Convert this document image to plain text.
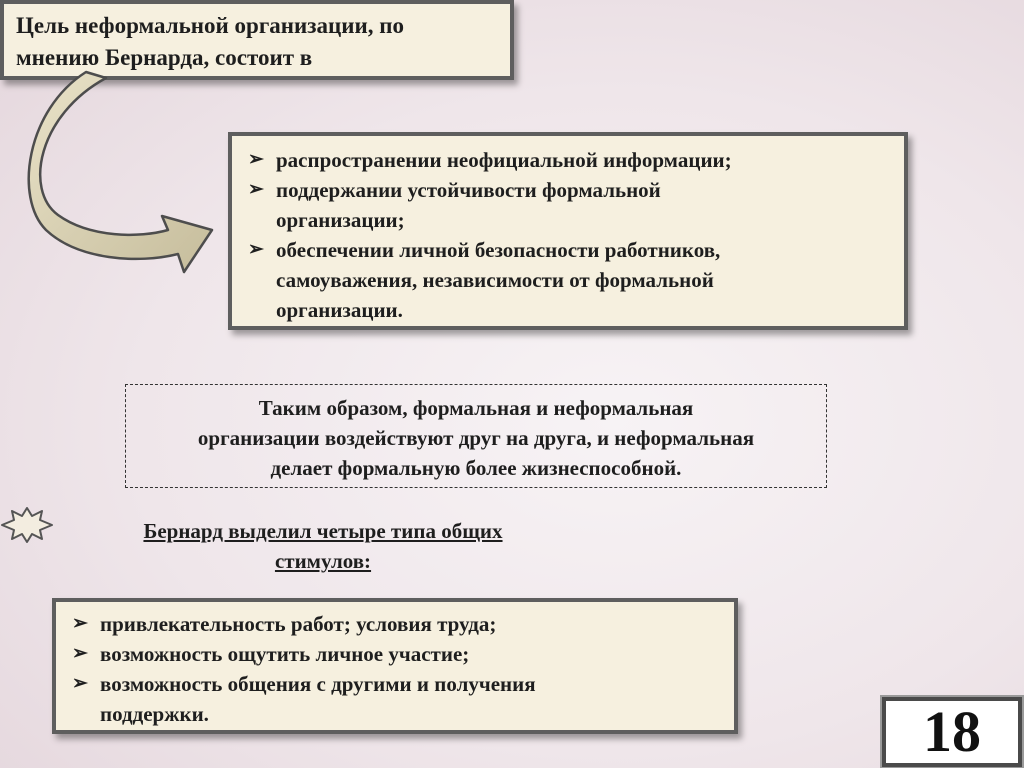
Цель неформальной организации, по
мнению Бернарда, состоит в
➢ распространении неофициальной информации;
➢ поддержании устойчивости формальной
организации;
➢ обеспечении личной безопасности работников,
самоуважения, независимости от формальной
организации.
Таким образом, формальная и неформальная
организации воздействуют друг на друга, и неформальная
делает формальную более жизнеспособной.
Бернард выделил четыре типа общих
стимулов:
➢ привлекательность работ; условия труда;
➢ возможность ощутить личное участие;
➢ возможность общения с другими и получения
поддержки.	18
